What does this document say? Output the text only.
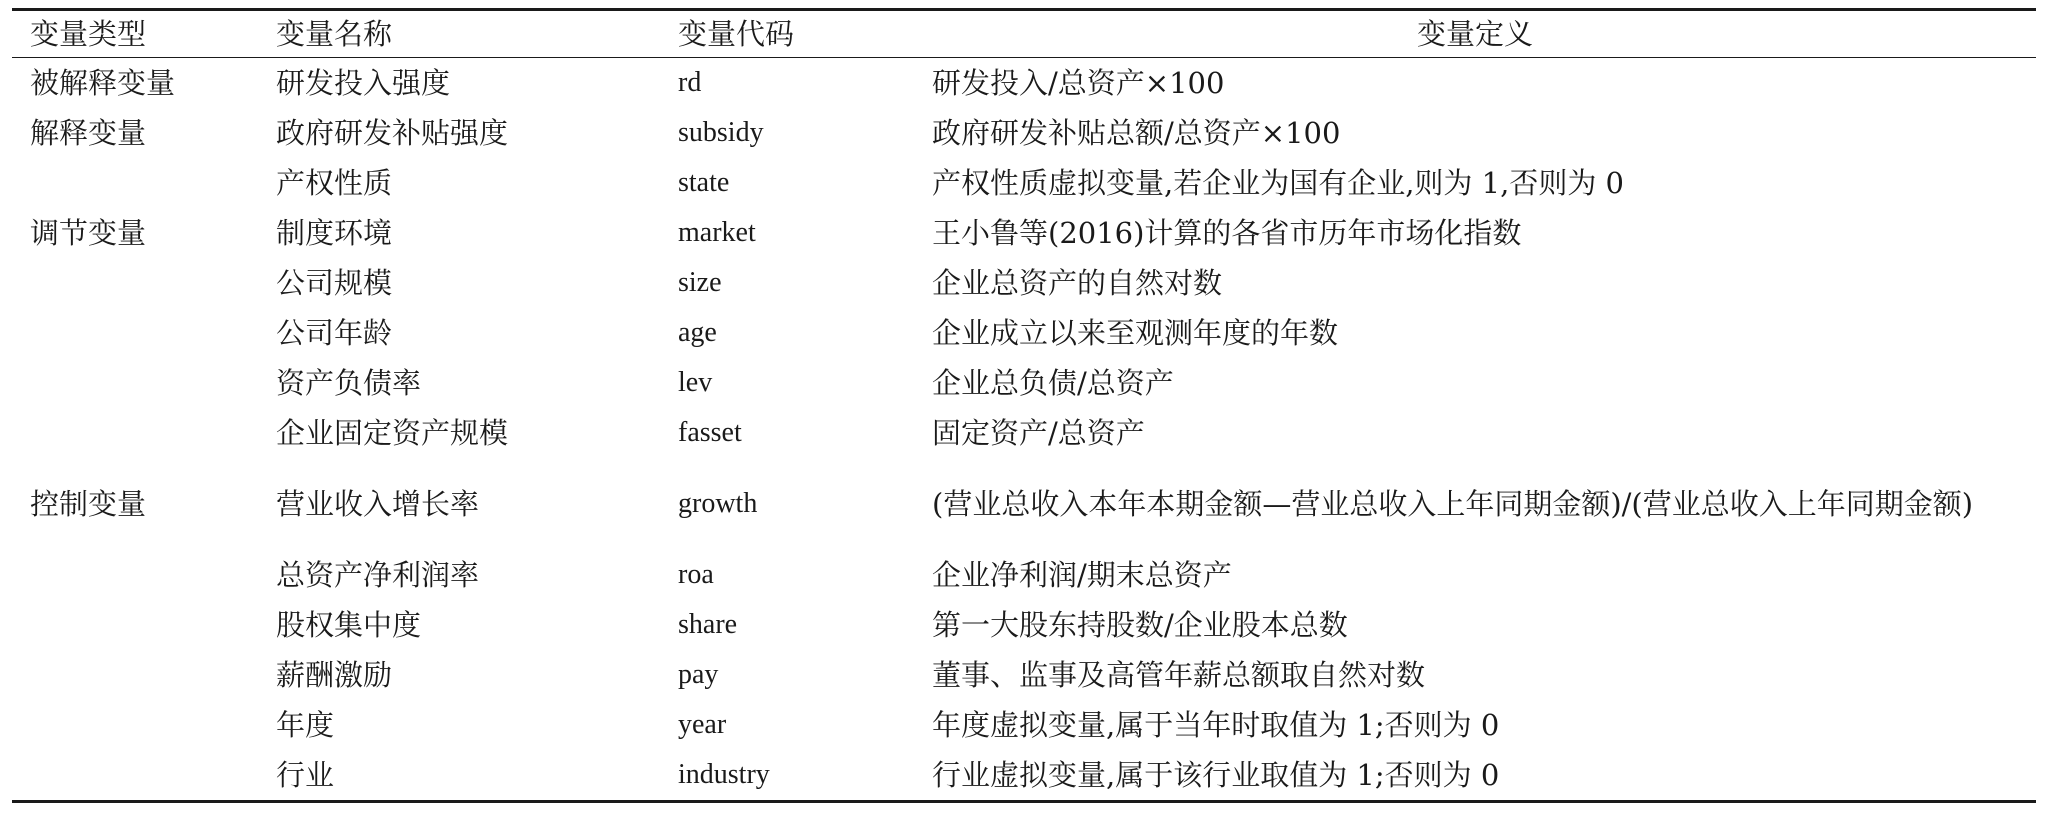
变量类型	变量名称	变量代码	变量定义
被解释变量	研发投入强度	rd	研发投入/总资产×100
解释变量	政府研发补贴强度	subsidy	政府研发补贴总额/总资产×100
	产权性质	state	产权性质虚拟变量,若企业为国有企业,则为 1,否则为 0
调节变量	制度环境	market	王小鲁等(2016)计算的各省市历年市场化指数
	公司规模	size	企业总资产的自然对数
	公司年龄	age	企业成立以来至观测年度的年数
	资产负债率	lev	企业总负债/总资产
	企业固定资产规模	fasset	固定资产/总资产
控制变量	营业收入增长率	growth	(营业总收入本年本期金额—营业总收入上年同期金额)/(营业总收入上年同期金额)
	总资产净利润率	roa	企业净利润/期末总资产
	股权集中度	share	第一大股东持股数/企业股本总数
	薪酬激励	pay	董事、监事及高管年薪总额取自然对数
	年度	year	年度虚拟变量,属于当年时取值为 1;否则为 0
	行业	industry	行业虚拟变量,属于该行业取值为 1;否则为 0
